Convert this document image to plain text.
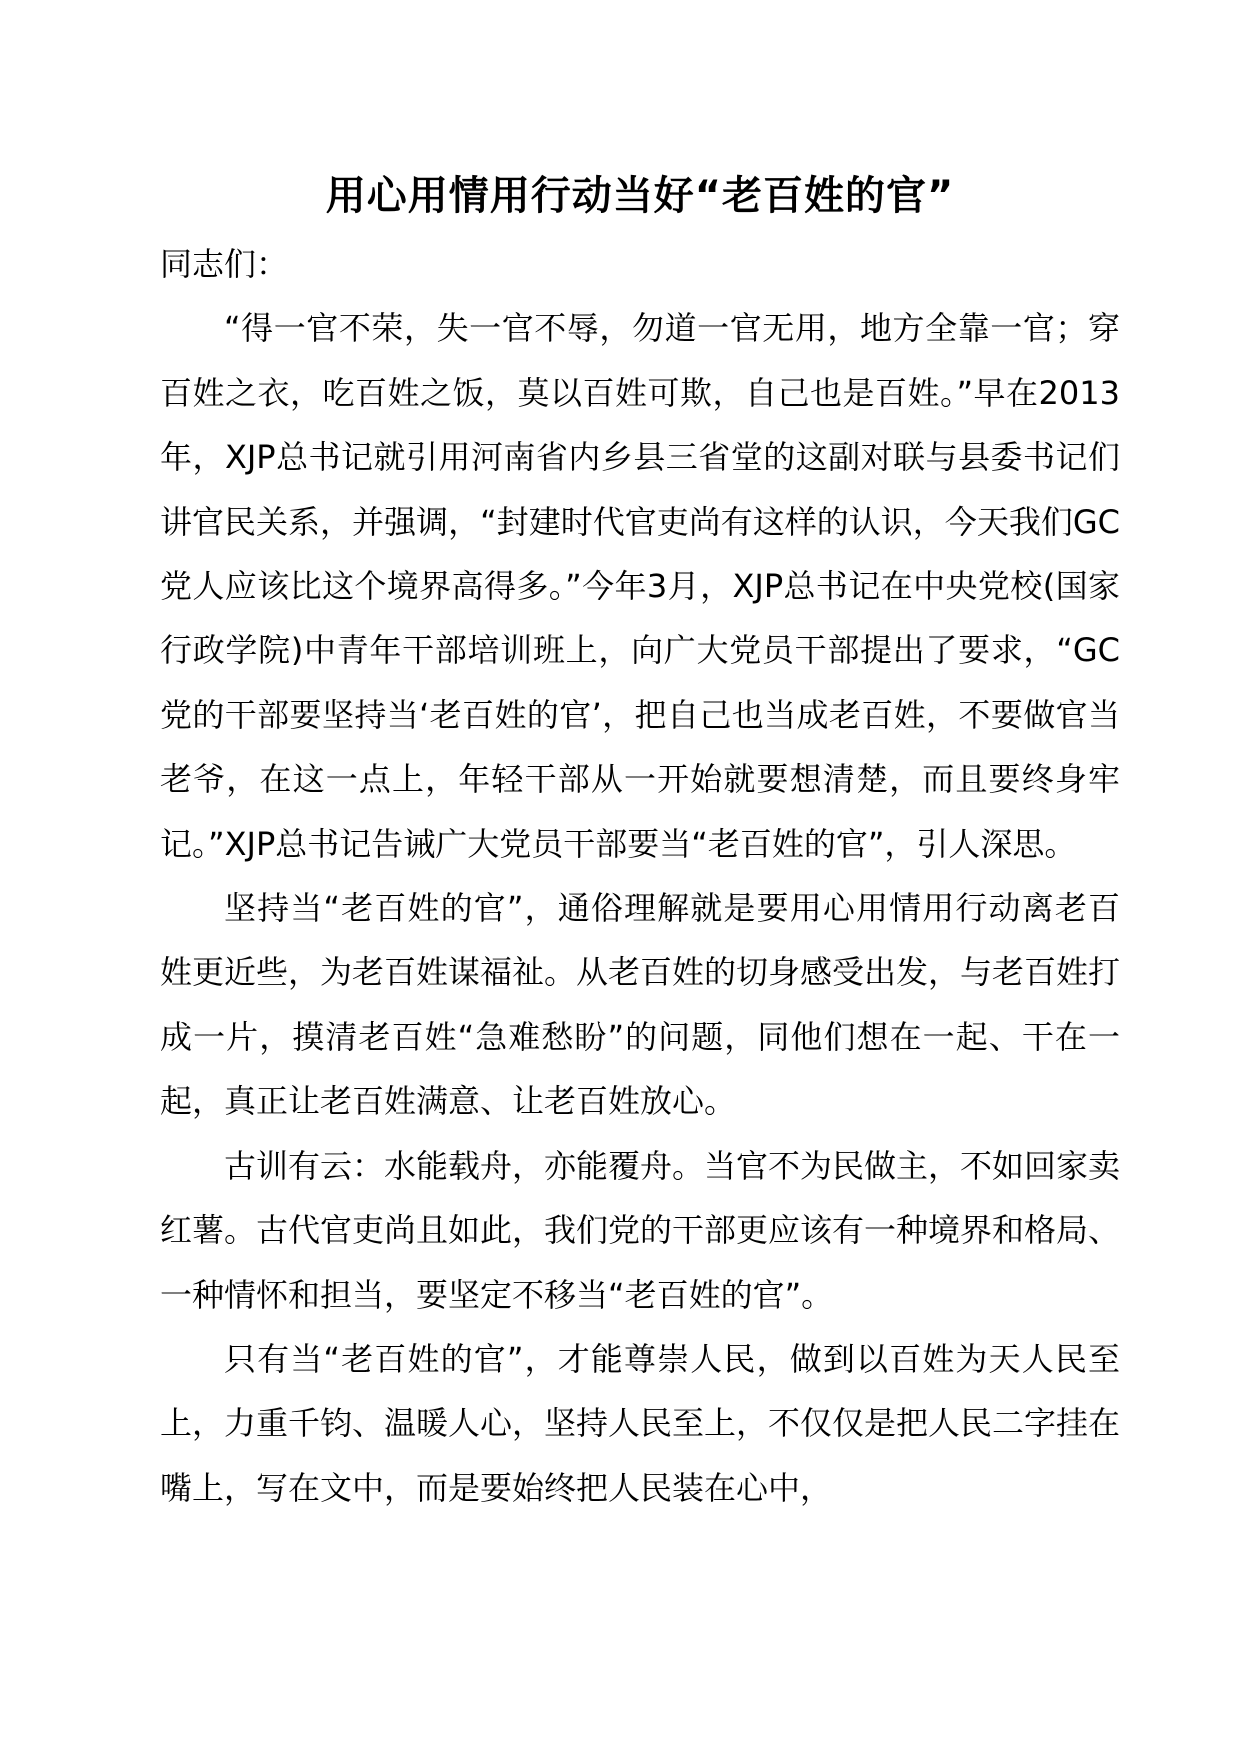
用心用情用行动当好“老百姓的官”

同志们：

“得一官不荣，失一官不辱，勿道一官无用，地方全靠一官；穿百姓之衣，吃百姓之饭，莫以百姓可欺，自己也是百姓。”早在2013年，XJP总书记就引用河南省内乡县三省堂的这副对联与县委书记们讲官民关系，并强调，“封建时代官吏尚有这样的认识，今天我们GC党人应该比这个境界高得多。”今年3月，XJP总书记在中央党校(国家行政学院)中青年干部培训班上，向广大党员干部提出了要求，“GC党的干部要坚持当‘老百姓的官’，把自己也当成老百姓，不要做官当老爷，在这一点上，年轻干部从一开始就要想清楚，而且要终身牢记。”XJP总书记告诫广大党员干部要当“老百姓的官”，引人深思。

坚持当“老百姓的官”，通俗理解就是要用心用情用行动离老百姓更近些，为老百姓谋福祉。从老百姓的切身感受出发，与老百姓打成一片，摸清老百姓“急难愁盼”的问题，同他们想在一起、干在一起，真正让老百姓满意、让老百姓放心。

古训有云：水能载舟，亦能覆舟。当官不为民做主，不如回家卖红薯。古代官吏尚且如此，我们党的干部更应该有一种境界和格局、一种情怀和担当，要坚定不移当“老百姓的官”。

只有当“老百姓的官”，才能尊崇人民，做到以百姓为天人民至上，力重千钧、温暖人心，坚持人民至上，不仅仅是把人民二字挂在嘴上，写在文中，而是要始终把人民装在心中，
